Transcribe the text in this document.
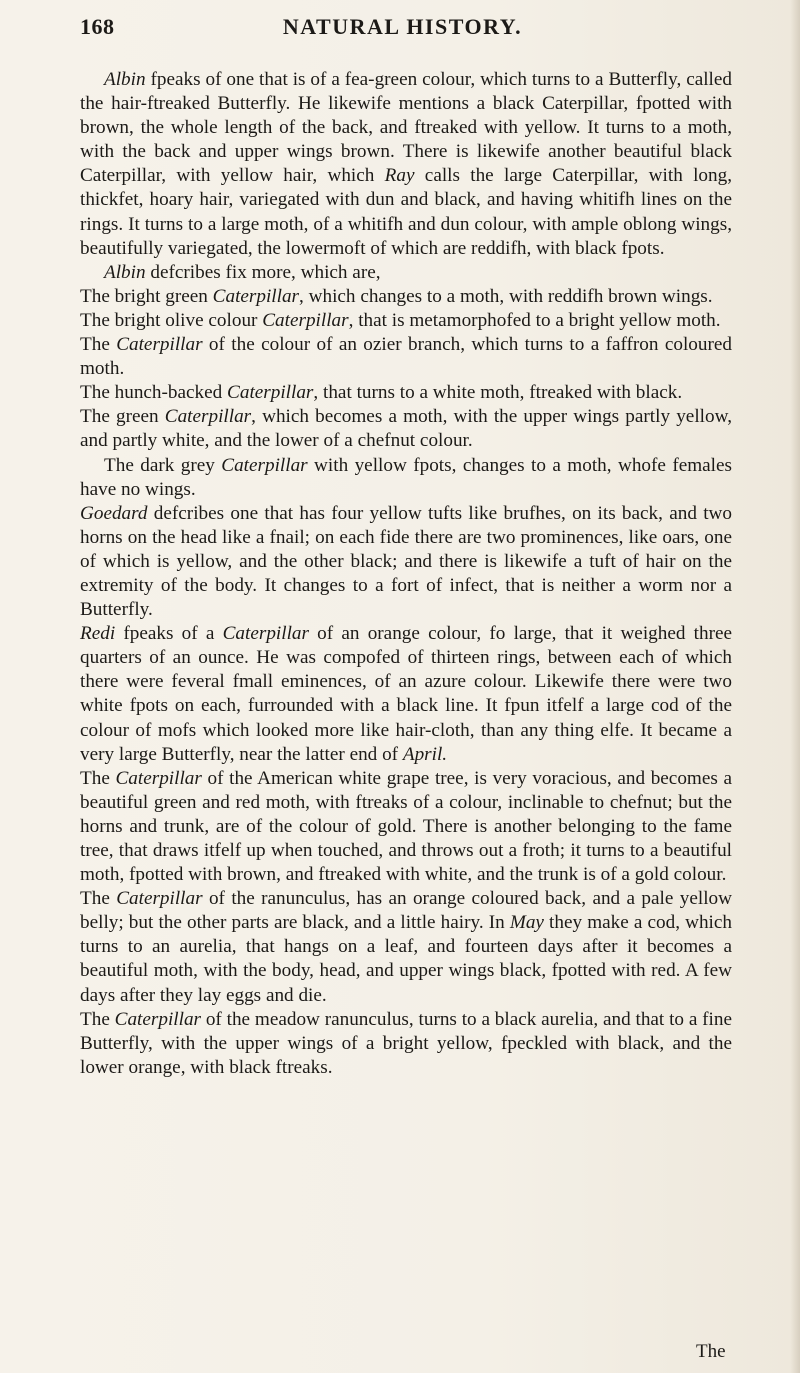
168	NATURAL HISTORY.

Albin fpeaks of one that is of a fea-green colour, which turns to a Butterfly, called the hair-ftreaked Butterfly. He likewife mentions a black Caterpillar, fpotted with brown, the whole length of the back, and ftreaked with yellow. It turns to a moth, with the back and upper wings brown. There is likewife another beautiful black Caterpillar, with yellow hair, which Ray calls the large Caterpillar, with long, thickfet, hoary hair, variegated with dun and black, and having whitifh lines on the rings. It turns to a large moth, of a whitifh and dun colour, with ample oblong wings, beautifully variegated, the lowermoft of which are reddifh, with black fpots.

Albin defcribes fix more, which are,

The bright green Caterpillar, which changes to a moth, with reddifh brown wings.

The bright olive colour Caterpillar, that is metamorphofed to a bright yellow moth.

The Caterpillar of the colour of an ozier branch, which turns to a faffron coloured moth.

The hunch-backed Caterpillar, that turns to a white moth, ftreaked with black.

The green Caterpillar, which becomes a moth, with the upper wings partly yellow, and partly white, and the lower of a chefnut colour.

The dark grey Caterpillar with yellow fpots, changes to a moth, whofe females have no wings.

Goedard defcribes one that has four yellow tufts like brufhes, on its back, and two horns on the head like a fnail; on each fide there are two prominences, like oars, one of which is yellow, and the other black; and there is likewife a tuft of hair on the extremity of the body. It changes to a fort of infect, that is neither a worm nor a Butterfly.

Redi fpeaks of a Caterpillar of an orange colour, fo large, that it weighed three quarters of an ounce. He was compofed of thirteen rings, between each of which there were feveral fmall eminences, of an azure colour. Likewife there were two white fpots on each, furrounded with a black line. It fpun itfelf a large cod of the colour of mofs which looked more like hair-cloth, than any thing elfe. It became a very large Butterfly, near the latter end of April.

The Caterpillar of the American white grape tree, is very voracious, and becomes a beautiful green and red moth, with ftreaks of a colour, inclinable to chefnut; but the horns and trunk, are of the colour of gold. There is another belonging to the fame tree, that draws itfelf up when touched, and throws out a froth; it turns to a beautiful moth, fpotted with brown, and ftreaked with white, and the trunk is of a gold colour.

The Caterpillar of the ranunculus, has an orange coloured back, and a pale yellow belly; but the other parts are black, and a little hairy. In May they make a cod, which turns to an aurelia, that hangs on a leaf, and fourteen days after it becomes a beautiful moth, with the body, head, and upper wings black, fpotted with red. A few days after they lay eggs and die.

The Caterpillar of the meadow ranunculus, turns to a black aurelia, and that to a fine Butterfly, with the upper wings of a bright yellow, fpeckled with black, and the lower orange, with black ftreaks.

The
